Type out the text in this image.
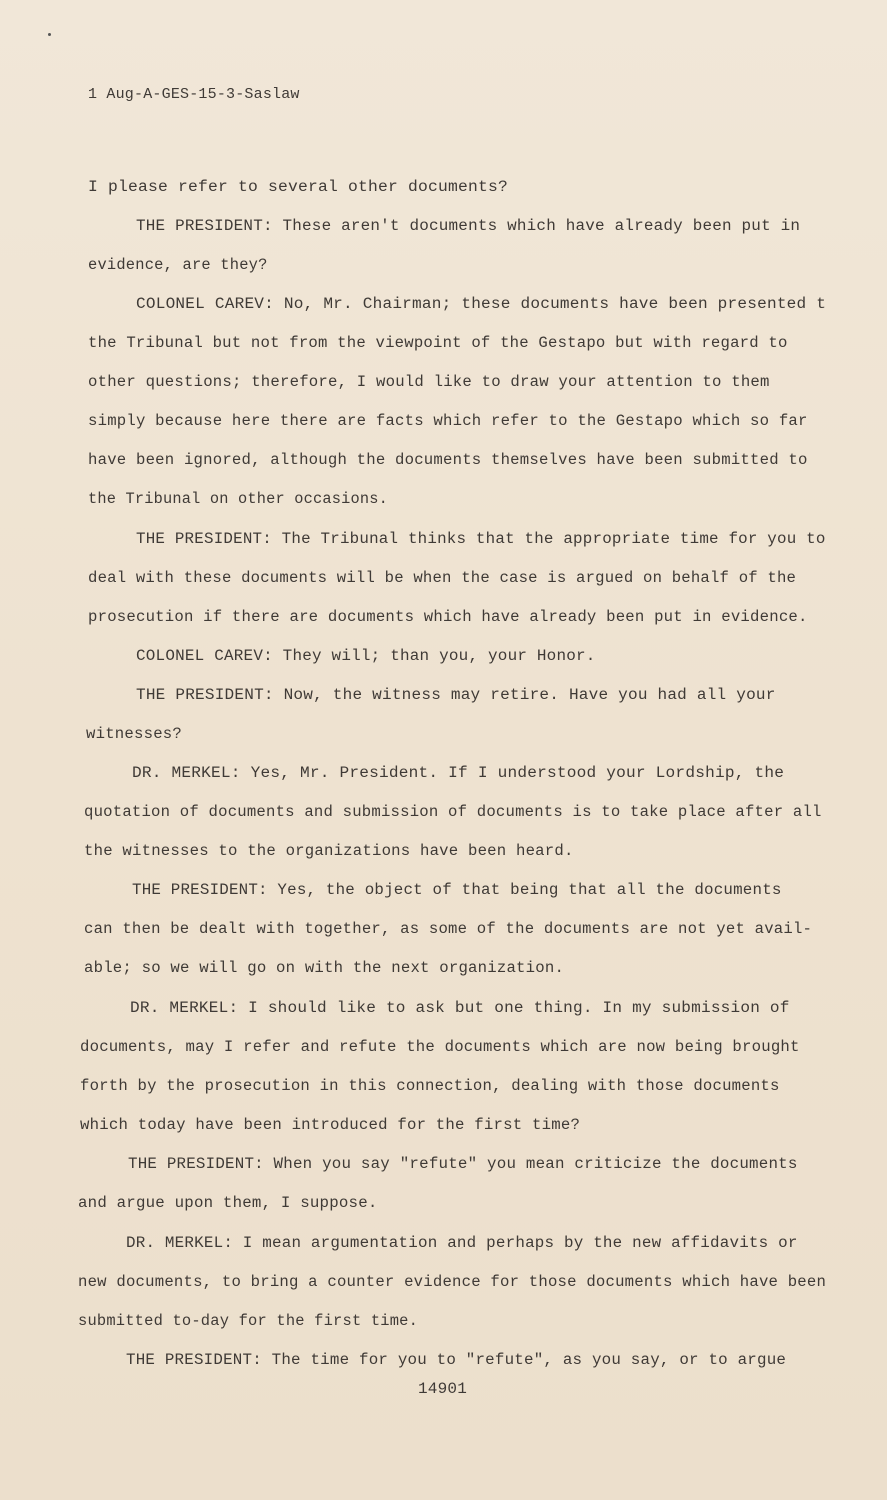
1 Aug-A-GES-15-3-Saslaw
I please refer to several other documents?
THE PRESIDENT: These aren't documents which have already been put in
evidence, are they?
COLONEL CAREV: No, Mr. Chairman; these documents have been presented t
the Tribunal but not from the viewpoint of the Gestapo but with regard to
other questions; therefore, I would like to draw your attention to them
simply because here there are facts which refer to the Gestapo which so far
have been ignored, although the documents themselves have been submitted to
the Tribunal on other occasions.
THE PRESIDENT: The Tribunal thinks that the appropriate time for you to
deal with these documents will be when the case is argued on behalf of the
prosecution if there are documents which have already been put in evidence.
COLONEL CAREV: They will; than you, your Honor.
THE PRESIDENT: Now, the witness may retire. Have you had all your
witnesses?
DR. MERKEL: Yes, Mr. President. If I understood your Lordship, the
quotation of documents and submission of documents is to take place after all
the witnesses to the organizations have been heard.
THE PRESIDENT: Yes, the object of that being that all the documents
can then be dealt with together, as some of the documents are not yet avail-
able; so we will go on with the next organization.
DR. MERKEL: I should like to ask but one thing. In my submission of
documents, may I refer and refute the documents which are now being brought
forth by the prosecution in this connection, dealing with those documents
which today have been introduced for the first time?
THE PRESIDENT: When you say "refute" you mean criticize the documents
and argue upon them, I suppose.
DR. MERKEL: I mean argumentation and perhaps by the new affidavits or
new documents, to bring a counter evidence for those documents which have been
submitted to-day for the first time.
THE PRESIDENT: The time for you to "refute", as you say, or to argue
14901
